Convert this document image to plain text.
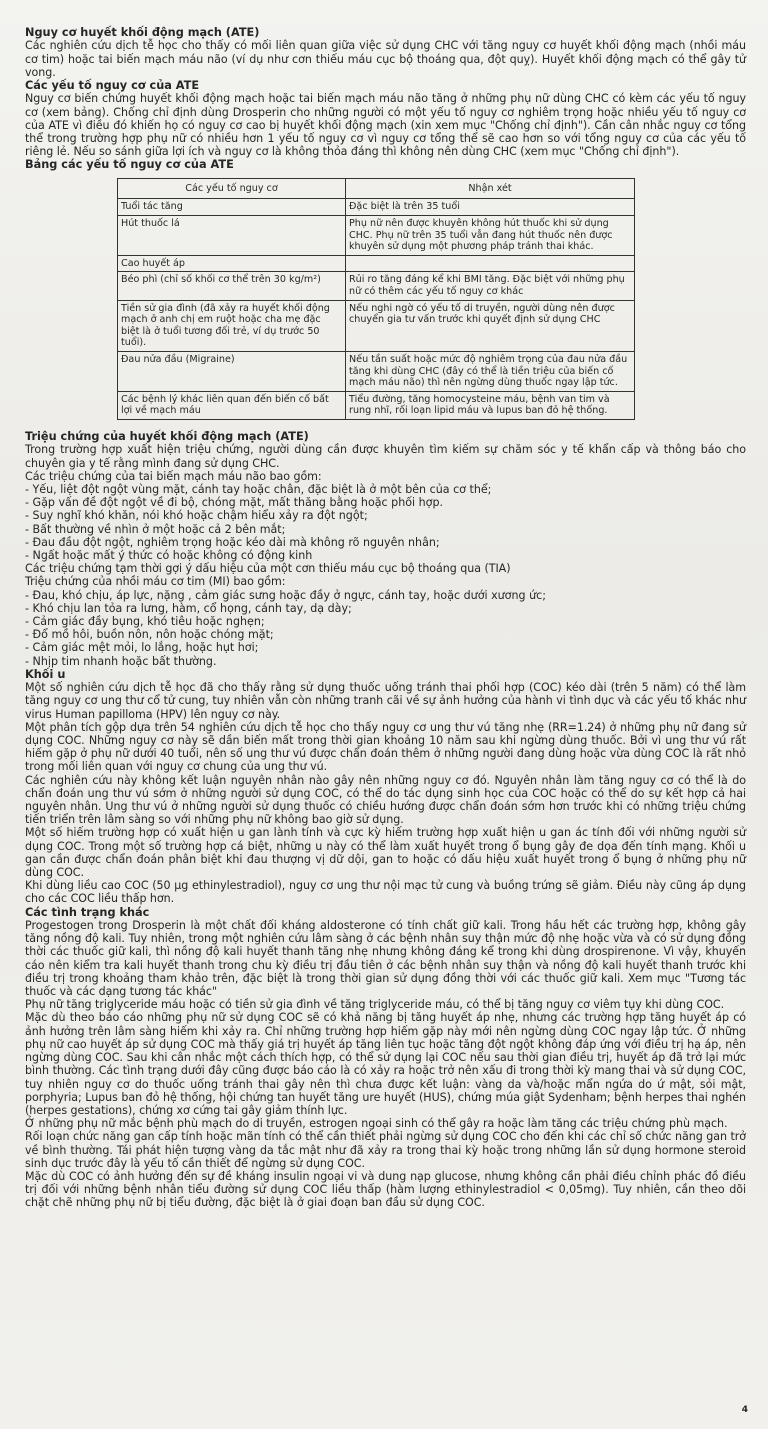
Nguy cơ huyết khối động mạch (ATE)

Các nghiên cứu dịch tễ học cho thấy có mối liên quan giữa việc sử dụng CHC với tăng nguy cơ huyết khối động mạch (nhồi máu cơ tim) hoặc tai biến mạch máu não (ví dụ như cơn thiếu máu cục bộ thoáng qua, đột quỵ). Huyết khối động mạch có thể gây tử vong.

Các yếu tố nguy cơ của ATE

Nguy cơ biến chứng huyết khối động mạch hoặc tai biến mạch máu não tăng ở những phụ nữ dùng CHC có kèm các yếu tố nguy cơ (xem bảng). Chống chỉ định dùng Drosperin cho những người có một yếu tố nguy cơ nghiêm trọng hoặc nhiều yếu tố nguy cơ của ATE vì điều đó khiến họ có nguy cơ cao bị huyết khối động mạch (xin xem mục "Chống chỉ định"). Cần cân nhắc nguy cơ tổng thể trong trường hợp phụ nữ có nhiều hơn 1 yếu tố nguy cơ vì nguy cơ tổng thể sẽ cao hơn so với tổng nguy cơ của các yếu tố riêng lẻ. Nếu so sánh giữa lợi ích và nguy cơ là không thỏa đáng thì không nên dùng CHC (xem mục "Chống chỉ định").

Bảng các yếu tố nguy cơ của ATE
Các yếu tố nguy cơ	Nhận xét
Tuổi tác tăng	Đặc biệt là trên 35 tuổi
Hút thuốc lá	Phụ nữ nên được khuyên không hút thuốc khi sử dụng CHC. Phụ nữ trên 35 tuổi vẫn đang hút thuốc nên được khuyên sử dụng một phương pháp tránh thai khác.
Cao huyết áp	
Béo phì (chỉ số khối cơ thể trên 30 kg/m²)	Rủi ro tăng đáng kể khi BMI tăng. Đặc biệt với những phụ nữ có thêm các yếu tố nguy cơ khác
Tiền sử gia đình (đã xảy ra huyết khối động mạch ở anh chị em ruột hoặc cha mẹ đặc biệt là ở tuổi tương đối trẻ, ví dụ trước 50 tuổi).	Nếu nghi ngờ có yếu tố di truyền, người dùng nên được chuyển gia tư vấn trước khi quyết định sử dụng CHC
Đau nửa đầu (Migraine)	Nếu tần suất hoặc mức độ nghiêm trọng của đau nửa đầu tăng khi dùng CHC (đây có thể là tiền triệu của biến cố mạch máu não) thì nên ngừng dùng thuốc ngay lập tức.
Các bệnh lý khác liên quan đến biến cố bất lợi về mạch máu	Tiểu đường, tăng homocysteine máu, bệnh van tim và rung nhĩ, rối loạn lipid máu và lupus ban đỏ hệ thống.
Triệu chứng của huyết khối động mạch (ATE)

Trong trường hợp xuất hiện triệu chứng, người dùng cần được khuyên tìm kiếm sự chăm sóc y tế khẩn cấp và thông báo cho chuyên gia y tế rằng mình đang sử dụng CHC.

Các triệu chứng của tai biến mạch máu não bao gồm:

- Yếu, liệt đột ngột vùng mặt, cánh tay hoặc chân, đặc biệt là ở một bên của cơ thể;
- Gặp vấn đề đột ngột về đi bộ, chóng mặt, mất thăng bằng hoặc phối hợp.
- Suy nghĩ khó khăn, nói khó hoặc chậm hiểu xảy ra đột ngột;
- Bất thường về nhìn ở một hoặc cả 2 bên mắt;
- Đau đầu đột ngột, nghiêm trọng hoặc kéo dài mà không rõ nguyên nhân;
- Ngất hoặc mất ý thức có hoặc không có động kinh

Các triệu chứng tạm thời gợi ý dấu hiệu của một cơn thiếu máu cục bộ thoáng qua (TIA)

Triệu chứng của nhồi máu cơ tim (MI) bao gồm:

- Đau, khó chịu, áp lực, nặng , cảm giác sưng hoặc đầy ở ngực, cánh tay, hoặc dưới xương ức;
- Khó chịu lan tỏa ra lưng, hàm, cổ họng, cánh tay, dạ dày;
- Cảm giác đầy bụng, khó tiêu hoặc nghẹn;
- Đổ mồ hôi, buồn nôn, nôn hoặc chóng mặt;
- Cảm giác mệt mỏi, lo lắng, hoặc hụt hơi;
- Nhịp tim nhanh hoặc bất thường.
Khối u

Một số nghiên cứu dịch tễ học đã cho thấy rằng sử dụng thuốc uống tránh thai phối hợp (COC) kéo dài (trên 5 năm) có thể làm tăng nguy cơ ung thư cổ tử cung, tuy nhiên vẫn còn những tranh cãi về sự ảnh hưởng của hành vi tình dục và các yếu tố khác như virus Human papilloma (HPV) lên nguy cơ này.

Một phân tích gộp dựa trên 54 nghiên cứu dịch tễ học cho thấy nguy cơ ung thư vú tăng nhẹ (RR=1.24) ở những phụ nữ đang sử dụng COC. Những nguy cơ này sẽ dần biến mất trong thời gian khoảng 10 năm sau khi ngừng dùng thuốc. Bởi vì ung thư vú rất hiếm gặp ở phụ nữ dưới 40 tuổi, nên số ung thư vú được chẩn đoán thêm ở những người đang dùng hoặc vừa dùng COC là rất nhỏ trong mối liên quan với nguy cơ chung của ung thư vú.

Các nghiên cứu này không kết luận nguyên nhân nào gây nên những nguy cơ đó. Nguyên nhân làm tăng nguy cơ có thể là do chẩn đoán ung thư vú sớm ở những người sử dụng COC, có thể do tác dụng sinh học của COC hoặc có thể do sự kết hợp cả hai nguyên nhân. Ung thư vú ở những người sử dụng thuốc có chiều hướng được chẩn đoán sớm hơn trước khi có những triệu chứng tiến triển trên lâm sàng so với những phụ nữ không bao giờ sử dụng.

Một số hiếm trường hợp có xuất hiện u gan lành tính và cực kỳ hiếm trường hợp xuất hiện u gan ác tính đối với những người sử dụng COC. Trong một số trường hợp cá biệt, những u này có thể làm xuất huyết trong ổ bụng gây đe dọa đến tính mạng. Khối u gan cần được chẩn đoán phân biệt khi đau thượng vị dữ dội, gan to hoặc có dấu hiệu xuất huyết trong ổ bụng ở những phụ nữ dùng COC.

Khi dùng liều cao COC (50 µg ethinylestradiol), nguy cơ ung thư nội mạc tử cung và buồng trứng sẽ giảm. Điều này cũng áp dụng cho các COC liều thấp hơn.

Các tình trạng khác

Progestogen trong Drosperin là một chất đối kháng aldosterone có tính chất giữ kali. Trong hầu hết các trường hợp, không gây tăng nồng độ kali. Tuy nhiên, trong một nghiên cứu lâm sàng ở các bệnh nhân suy thận mức độ nhẹ hoặc vừa và có sử dụng đồng thời các thuốc giữ kali, thì nồng độ kali huyết thanh tăng nhẹ nhưng không đáng kể trong khi dùng drospirenone. Vì vậy, khuyến cáo nên kiểm tra kali huyết thanh trong chu kỳ điều trị đầu tiên ở các bệnh nhân suy thận và nồng độ kali huyết thanh trước khi điều trị trong khoảng tham khảo trên, đặc biệt là trong thời gian sử dụng đồng thời với các thuốc giữ kali. Xem mục "Tương tác thuốc và các dạng tương tác khác"

Phụ nữ tăng triglyceride máu hoặc có tiền sử gia đình về tăng triglyceride máu, có thể bị tăng nguy cơ viêm tụy khi dùng COC.

Mặc dù theo báo cáo những phụ nữ sử dụng COC sẽ có khả năng bị tăng huyết áp nhẹ, nhưng các trường hợp tăng huyết áp có ảnh hưởng trên lâm sàng hiếm khi xảy ra. Chỉ những trường hợp hiếm gặp này mới nên ngừng dùng COC ngay lập tức. Ở những phụ nữ cao huyết áp sử dụng COC mà thấy giá trị huyết áp tăng liên tục hoặc tăng đột ngột không đáp ứng với điều trị hạ áp, nên ngừng dùng COC. Sau khi cân nhắc một cách thích hợp, có thể sử dụng lại COC nếu sau thời gian điều trị, huyết áp đã trở lại mức bình thường. Các tình trạng dưới đây cũng được báo cáo là có xảy ra hoặc trở nên xấu đi trong thời kỳ mang thai và sử dụng COC, tuy nhiên nguy cơ do thuốc uống tránh thai gây nên thì chưa được kết luận: vàng da và/hoặc mẩn ngứa do ứ mật, sỏi mật, porphyria; Lupus ban đỏ hệ thống, hội chứng tan huyết tăng ure huyết (HUS), chứng múa giật Sydenham; bệnh herpes thai nghén (herpes gestations), chứng xơ cứng tai gây giảm thính lực.

Ở những phụ nữ mắc bệnh phù mạch do di truyền, estrogen ngoại sinh có thể gây ra hoặc làm tăng các triệu chứng phù mạch.

Rối loạn chức năng gan cấp tính hoặc mãn tính có thể cần thiết phải ngừng sử dụng COC cho đến khi các chỉ số chức năng gan trở về bình thường. Tái phát hiện tượng vàng da tắc mật như đã xảy ra trong thai kỳ hoặc trong những lần sử dụng hormone steroid sinh dục trước đây là yếu tố cần thiết để ngừng sử dụng COC.

Mặc dù COC có ảnh hưởng đến sự đề kháng insulin ngoại vi và dung nạp glucose, nhưng không cần phải điều chỉnh phác đồ điều trị đối với những bệnh nhân tiểu đường sử dụng COC liều thấp (hàm lượng ethinylestradiol < 0,05mg). Tuy nhiên, cần theo dõi chặt chẽ những phụ nữ bị tiểu đường, đặc biệt là ở giai đoạn ban đầu sử dụng COC.

4
